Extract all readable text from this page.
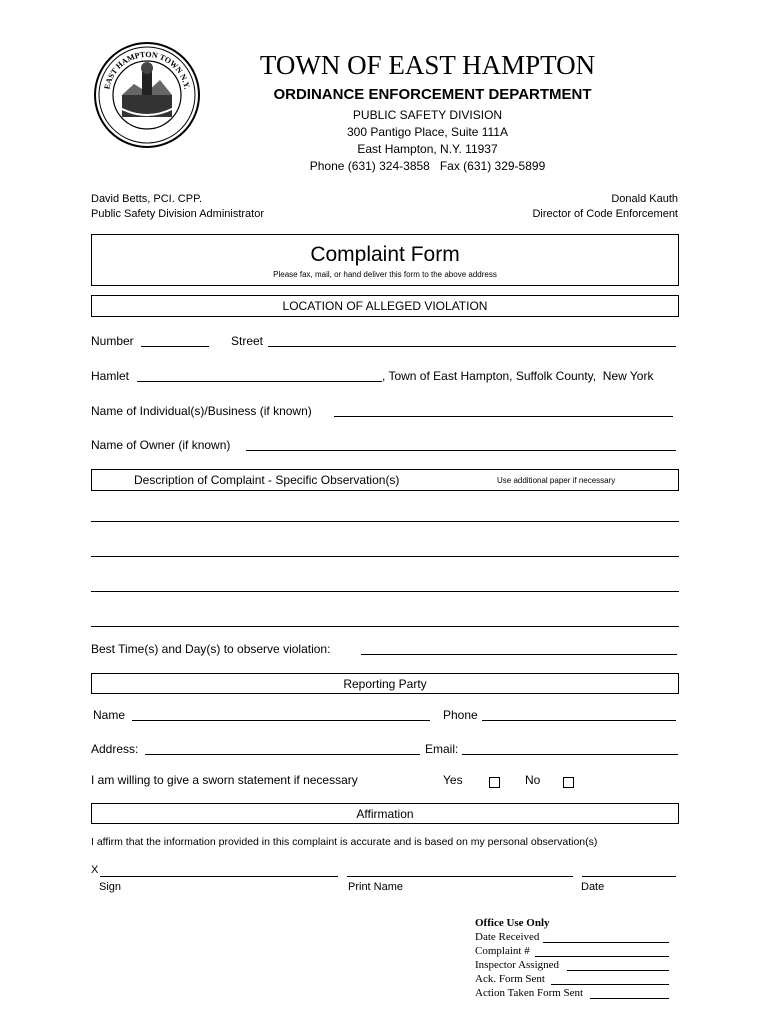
EAST HAMPTON TOWN N.Y.
TOWN OF EAST HAMPTON
ORDINANCE ENFORCEMENT DEPARTMENT
PUBLIC SAFETY DIVISION
300 Pantigo Place, Suite 111A
East Hampton, N.Y. 11937
Phone (631) 324-3858   Fax (631) 329-5899
David Betts, PCI. CPP.
Public Safety Division Administrator
Donald Kauth
Director of Code Enforcement
Complaint Form
Please fax, mail, or hand deliver this form to the above address
LOCATION OF ALLEGED VIOLATION
Number	Street
Hamlet	, Town of East Hampton, Suffolk County,  New York
Name of Individual(s)/Business (if known)
Name of Owner (if known)
Description of Complaint - Specific Observation(s)	Use additional paper if necessary
Best Time(s) and Day(s) to observe violation:
Reporting Party
Name	Phone
Address:	Email:
I am willing to give a sworn statement if necessary	Yes	No
Affirmation
I affirm that the information provided in this complaint is accurate and is based on my personal observation(s)
X
Sign	Print Name	Date
Office Use Only
Date Received
Complaint #
Inspector Assigned
Ack. Form Sent
Action Taken Form Sent
